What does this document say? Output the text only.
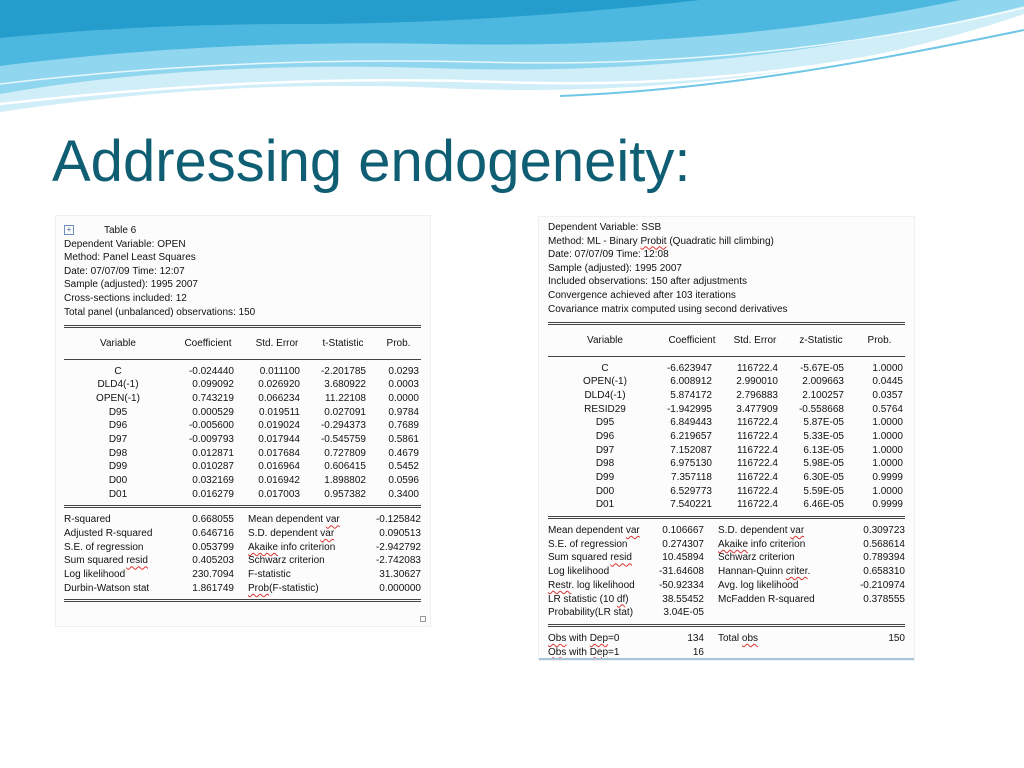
Addressing endogeneity:
+	Table 6
Dependent Variable: OPEN
Method: Panel Least Squares
Date: 07/07/09 Time: 12:07
Sample (adjusted): 1995 2007
Cross-sections included: 12
Total panel (unbalanced) observations: 150
Variable	Coefficient	Std. Error	t-Statistic	Prob.

C	-0.024440	0.011100	-2.201785	0.0293
DLD4(-1)	0.099092	0.026920	3.680922	0.0003
OPEN(-1)	0.743219	0.066234	11.22108	0.0000
D95	0.000529	0.019511	0.027091	0.9784
D96	-0.005600	0.019024	-0.294373	0.7689
D97	-0.009793	0.017944	-0.545759	0.5861
D98	0.012871	0.017684	0.727809	0.4679
D99	0.010287	0.016964	0.606415	0.5452
D00	0.032169	0.016942	1.898802	0.0596
D01	0.016279	0.017003	0.957382	0.3400
R-squared	0.668055	Mean dependent var	-0.125842
Adjusted R-squared	0.646716	S.D. dependent var	0.090513
S.E. of regression	0.053799	Akaike info criterion	-2.942792
Sum squared resid	0.405203	Schwarz criterion	-2.742083
Log likelihood	230.7094	F-statistic	31.30627
Durbin-Watson stat	1.861749	Prob(F-statistic)	0.000000
Dependent Variable: SSB
Method: ML - Binary Probit (Quadratic hill climbing)
Date: 07/07/09 Time: 12:08
Sample (adjusted): 1995 2007
Included observations: 150 after adjustments
Convergence achieved after 103 iterations
Covariance matrix computed using second derivatives
Variable	Coefficient	Std. Error	z-Statistic	Prob.

C	-6.623947	116722.4	-5.67E-05	1.0000
OPEN(-1)	6.008912	2.990010	2.009663	0.0445
DLD4(-1)	5.874172	2.796883	2.100257	0.0357
RESID29	-1.942995	3.477909	-0.558668	0.5764
D95	6.849443	116722.4	5.87E-05	1.0000
D96	6.219657	116722.4	5.33E-05	1.0000
D97	7.152087	116722.4	6.13E-05	1.0000
D98	6.975130	116722.4	5.98E-05	1.0000
D99	7.357118	116722.4	6.30E-05	0.9999
D00	6.529773	116722.4	5.59E-05	1.0000
D01	7.540221	116722.4	6.46E-05	0.9999
Mean dependent var	0.106667	S.D. dependent var	0.309723
S.E. of regression	0.274307	Akaike info criterion	0.568614
Sum squared resid	10.45894	Schwarz criterion	0.789394
Log likelihood	-31.64608	Hannan-Quinn criter.	0.658310
Restr. log likelihood	-50.92334	Avg. log likelihood	-0.210974
LR statistic (10 df)	38.55452	McFadden R-squared	0.378555
Probability(LR stat)	3.04E-05		
Obs with Dep=0	134	Total obs	150
Obs with Dep=1	16		
